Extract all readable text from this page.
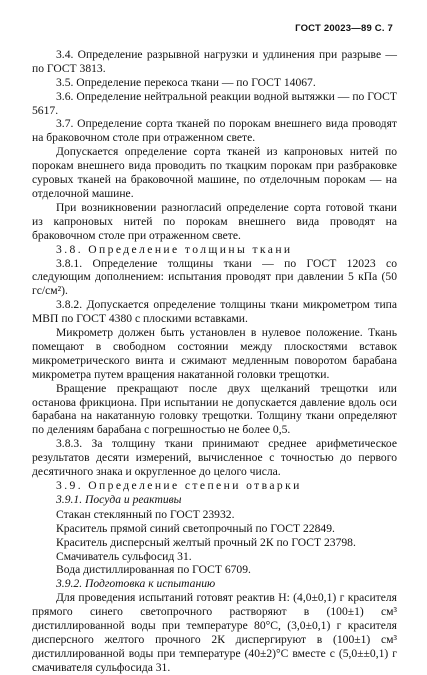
ГОСТ 20023—89 С. 7

3.4. Определение разрывной нагрузки и удлинения при разрыве — по ГОСТ 3813.

3.5. Определение перекоса ткани — по ГОСТ 14067.

3.6. Определение нейтральной реакции водной вытяжки — по ГОСТ 5617.

3.7. Определение сорта тканей по порокам внешнего вида проводят на браковочном столе при отраженном свете.

Допускается определение сорта тканей из капроновых нитей по порокам внешнего вида проводить по ткацким порокам при разбраковке суровых тканей на браковочной машине, по отделочным порокам — на отделочной машине.

При возникновении разногласий определение сорта готовой ткани из капроновых нитей по порокам внешнего вида проводят на браковочном столе при отраженном свете.

3.8. Определение толщины ткани

3.8.1. Определение толщины ткани — по ГОСТ 12023 со следующим дополнением: испытания проводят при давлении 5 кПа (50 гс/см²).

3.8.2. Допускается определение толщины ткани микрометром типа МВП по ГОСТ 4380 с плоскими вставками.

Микрометр должен быть установлен в нулевое положение. Ткань помещают в свободном состоянии между плоскостями вставок микрометрического винта и сжимают медленным поворотом барабана микрометра путем вращения накатанной головки трещотки.

Вращение прекращают после двух щелканий трещотки или останова фрикциона. При испытании не допускается давление вдоль оси барабана на накатанную головку трещотки. Толщину ткани определяют по делениям барабана с погрешностью не более 0,5.

3.8.3. За толщину ткани принимают среднее арифметическое результатов десяти измерений, вычисленное с точностью до первого десятичного знака и округленное до целого числа.

3.9. Определение степени отварки

3.9.1. Посуда и реактивы

Стакан стеклянный по ГОСТ 23932.

Краситель прямой синий светопрочный по ГОСТ 22849.

Краситель дисперсный желтый прочный 2К по ГОСТ 23798.

Смачиватель сульфосид 31.

Вода дистиллированная по ГОСТ 6709.

3.9.2. Подготовка к испытанию

Для проведения испытаний готовят реактив Н: (4,0±0,1) г красителя прямого синего светопрочного растворяют в (100±1) см³ дистиллированной воды при температуре 80°С, (3,0±0,1) г красителя дисперсного желтого прочного 2К диспергируют в (100±1) см³ дистиллированной воды при температуре (40±2)°С вместе с (5,0±±0,1) г смачивателя сульфосида 31.
